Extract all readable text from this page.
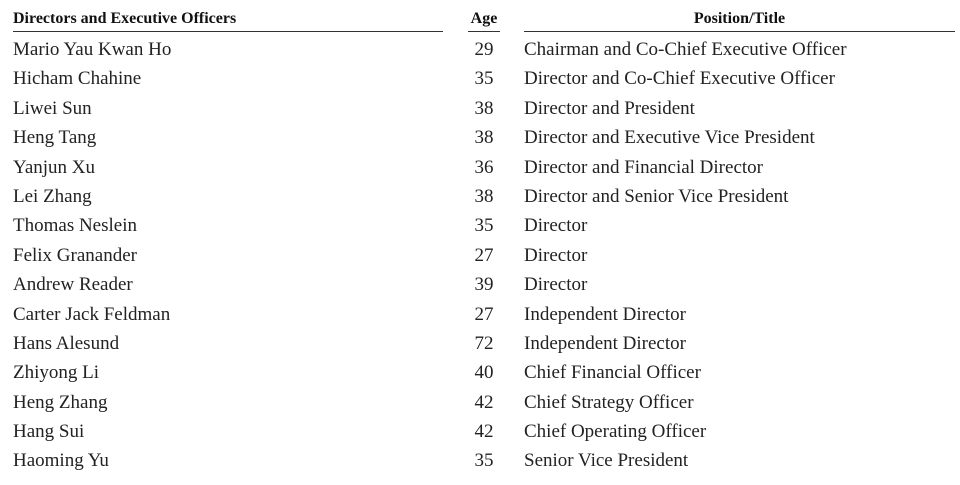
Directors and Executive Officers	Age	Position/Title
Mario Yau Kwan Ho	29	Chairman and Co-Chief Executive Officer
Hicham Chahine	35	Director and Co-Chief Executive Officer
Liwei Sun	38	Director and President
Heng Tang	38	Director and Executive Vice President
Yanjun Xu	36	Director and Financial Director
Lei Zhang	38	Director and Senior Vice President
Thomas Neslein	35	Director
Felix Granander	27	Director
Andrew Reader	39	Director
Carter Jack Feldman	27	Independent Director
Hans Alesund	72	Independent Director
Zhiyong Li	40	Chief Financial Officer
Heng Zhang	42	Chief Strategy Officer
Hang Sui	42	Chief Operating Officer
Haoming Yu	35	Senior Vice President
